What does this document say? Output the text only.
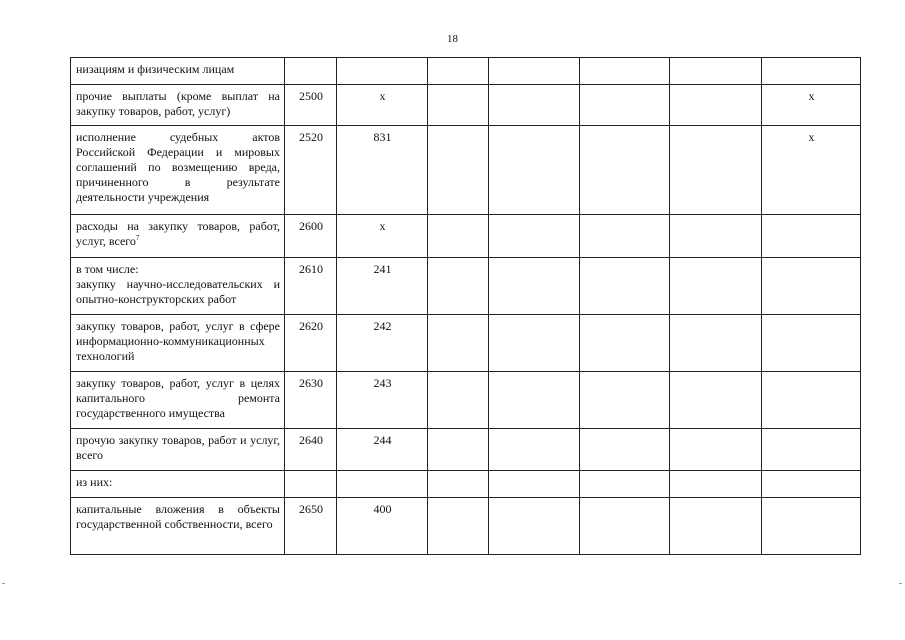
18
низациям и физическим лицам							
прочие выплаты (кроме выплат на закупку товаров, работ, услуг)	2500	х					х
исполнение судебных актов Российской Федерации и мировых соглашений по возмещению вреда, причиненного в результате деятельности учреждения	2520	831					х
расходы на закупку товаров, работ, услуг, всего$^7$	2600	х					

в том числе:
закупку научно-исследовательских и опытно-конструкторских работ	2610	241					
закупку товаров, работ, услуг в сфере информационно-коммуникационных технологий	2620	242					
закупку товаров, работ, услуг в целях капитального ремонта государственного имущества	2630	243					
прочую закупку товаров, работ и услуг, всего	2640	244					
из них:							
капитальные вложения в объекты государственной собственности, всего	2650	400					
